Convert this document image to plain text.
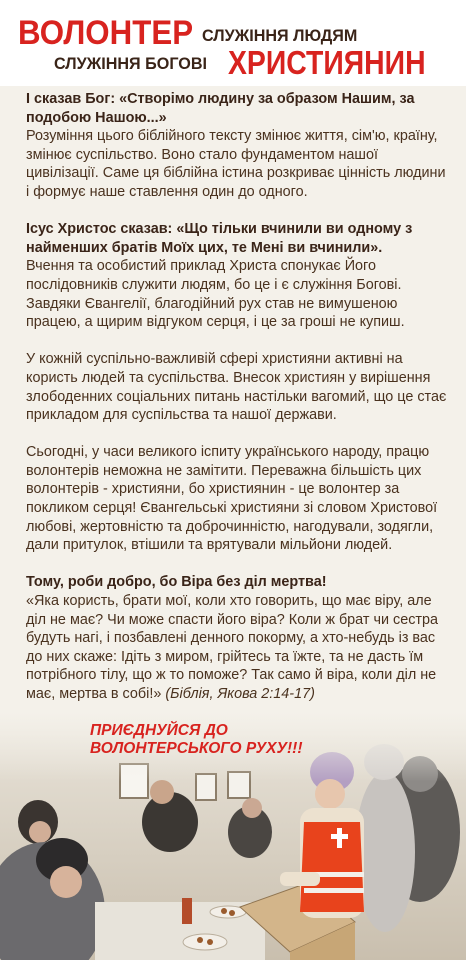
ВОЛОНТЕР СЛУЖІННЯ ЛЮДЯМ
СЛУЖІННЯ БОГОВІ ХРИСТИЯНИН

І сказав Бог: «Створімо людину за образом Нашим, за подобою Нашою...»
Розуміння цього біблійного тексту змінює життя, сім'ю, країну, змінює суспільство. Воно стало фундаментом нашої цивілізації. Саме ця біблійна істина розкриває цінність людини і формує наше ставлення один до одного.

Ісус Христос сказав: «Що тільки вчинили ви одному з найменших братів Моїх цих, те Мені ви вчинили».
Вчення та особистий приклад Христа спонукає Його послідовників служити людям, бо це і є служіння Богові. Завдяки Євангелії, благодійний рух став не вимушеною працею, а щирим відгуком серця, і це за гроші не купиш.

У кожній суспільно-важливій сфері християни активні на користь людей та суспільства. Внесок християн у вирішення злободенних соціальних питань настільки вагомий, що це стає прикладом для суспільства та нашої держави.

Сьогодні, у часи великого іспиту українського народу, працю волонтерів неможна не замітити. Переважна більшість цих волонтерів - християни, бо християнин - це волонтер за покликом серця! Євангельські християни зі словом Христової любові, жертовністю та доброчинністю, нагодували, зодягли, дали притулок, втішили та врятували мільйони людей.

Тому, роби добро, бо Віра без діл мертва!
«Яка користь, брати мої, коли хто говорить, що має віру, але діл не має? Чи може спасти його віра? Коли ж брат чи сестра будуть нагі, і позбавлені денного покорму, а хто-небудь із вас до них скаже: Ідіть з миром, грійтесь та їжте, та не дасть їм потрібного тілу, що ж то поможе? Так само й віра, коли діл не має, мертва в собі!» (Біблія, Якова 2:14-17)

ПРИЄДНУЙСЯ ДО
ВОЛОНТЕРСЬКОГО РУХУ!!!
